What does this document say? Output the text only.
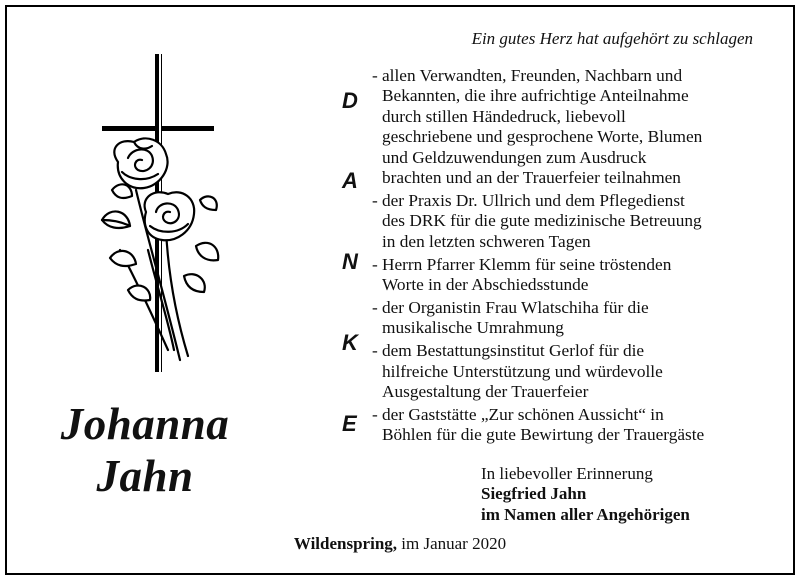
Ein gutes Herz hat aufgehört zu schlagen
Johanna
Jahn
D
A
N
K
E
- allen Verwandten, Freunden, Nachbarn und
Bekannten, die ihre aufrichtige Anteilnahme
durch stillen Händedruck, liebevoll
geschriebene und gesprochene Worte, Blumen
und Geldzuwendungen zum Ausdruck
brachten und an der Trauerfeier teilnahmen
- der Praxis Dr. Ullrich und dem Pflegedienst
des DRK für die gute medizinische Betreuung
in den letzten schweren Tagen
- Herrn Pfarrer Klemm für seine tröstenden
Worte in der Abschiedsstunde
- der Organistin Frau Wlatschiha für die
musikalische Umrahmung
- dem Bestattungsinstitut Gerlof für die
hilfreiche Unterstützung und würdevolle
Ausgestaltung der Trauerfeier
- der Gaststätte „Zur schönen Aussicht“ in
Böhlen für die gute Bewirtung der Trauergäste
In liebevoller Erinnerung
Siegfried Jahn
im Namen aller Angehörigen
Wildenspring, im Januar 2020
